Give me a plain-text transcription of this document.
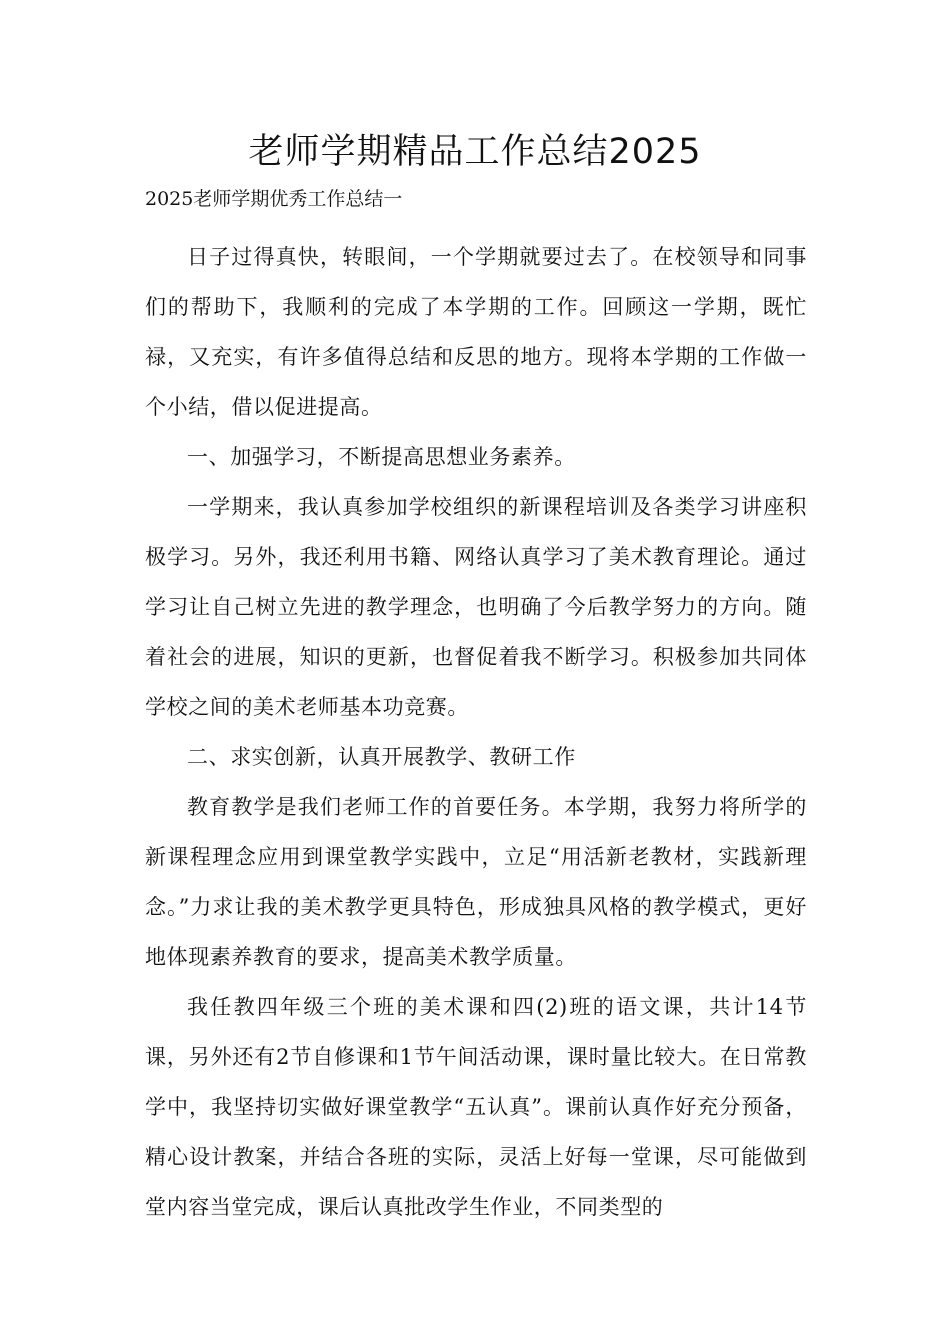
老师学期精品工作总结2025

2025老师学期优秀工作总结一

日子过得真快，转眼间，一个学期就要过去了。在校领导和同事们的帮助下，我顺利的完成了本学期的工作。回顾这一学期，既忙禄，又充实，有许多值得总结和反思的地方。现将本学期的工作做一个小结，借以促进提高。

一、加强学习，不断提高思想业务素养。

一学期来，我认真参加学校组织的新课程培训及各类学习讲座积极学习。另外，我还利用书籍、网络认真学习了美术教育理论。通过学习让自己树立先进的教学理念，也明确了今后教学努力的方向。随着社会的进展，知识的更新，也督促着我不断学习。积极参加共同体学校之间的美术老师基本功竞赛。

二、求实创新，认真开展教学、教研工作

教育教学是我们老师工作的首要任务。本学期，我努力将所学的新课程理念应用到课堂教学实践中，立足“用活新老教材，实践新理念。”力求让我的美术教学更具特色，形成独具风格的教学模式，更好地体现素养教育的要求，提高美术教学质量。

我任教四年级三个班的美术课和四(2)班的语文课，共计14节课，另外还有2节自修课和1节午间活动课，课时量比较大。在日常教学中，我坚持切实做好课堂教学“五认真”。课前认真作好充分预备，精心设计教案，并结合各班的实际，灵活上好每一堂课，尽可能做到堂内容当堂完成，课后认真批改学生作业，不同类型的
